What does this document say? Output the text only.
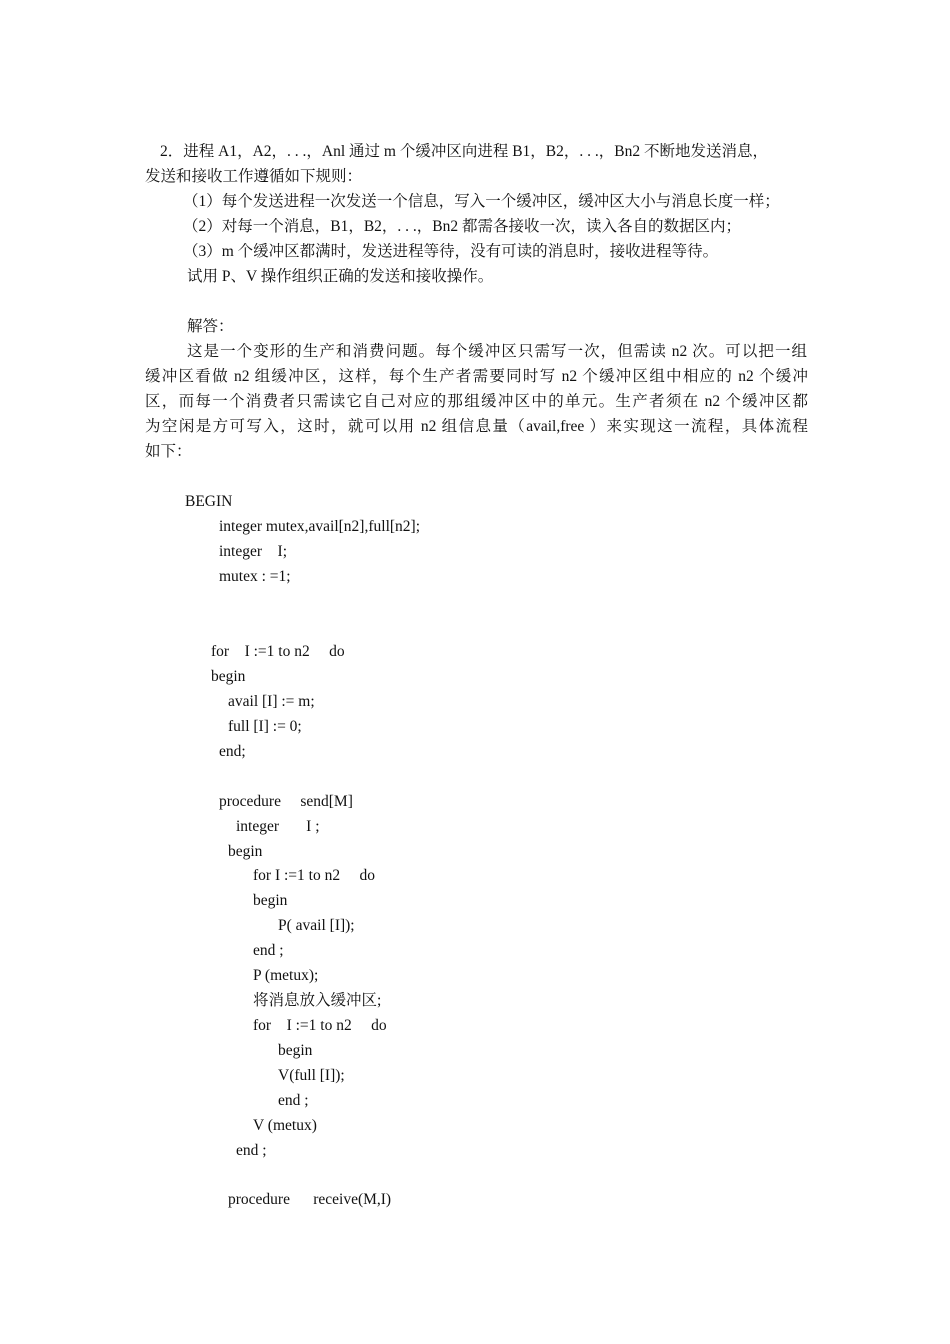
2．进程 A1，A2，. . .，Anl 通过 m 个缓冲区向进程 B1，B2，. . .，Bn2 不断地发送消息，
发送和接收工作遵循如下规则：
（1）每个发送进程一次发送一个信息，写入一个缓冲区，缓冲区大小与消息长度一样；
（2）对每一个消息，B1，B2，. . .，Bn2 都需各接收一次，读入各自的数据区内；
（3）m 个缓冲区都满时，发送进程等待，没有可读的消息时，接收进程等待。
试用 P、V 操作组织正确的发送和接收操作。
解答：
这是一个变形的生产和消费问题。每个缓冲区只需写一次，但需读 n2 次。可以把一组
缓冲区看做 n2 组缓冲区，这样，每个生产者需要同时写 n2 个缓冲区组中相应的 n2 个缓冲
区，而每一个消费者只需读它自己对应的那组缓冲区中的单元。生产者须在 n2 个缓冲区都
为空闲是方可写入，这时，就可以用 n2 组信息量（avail,free ）来实现这一流程，具体流程
如下：
BEGIN
integer mutex,avail[n2],full[n2];
integer    I;
mutex : =1;
for    I :=1 to n2     do
begin
avail [I] := m;
full [I] := 0;
end;
procedure     send[M]
integer       I ;
begin
for I :=1 to n2     do
begin
P( avail [I]);
end ;
P (metux);
将消息放入缓冲区;
for    I :=1 to n2     do
begin
V(full [I]);
end ;
V (metux)
end ;
procedure      receive(M,I)
